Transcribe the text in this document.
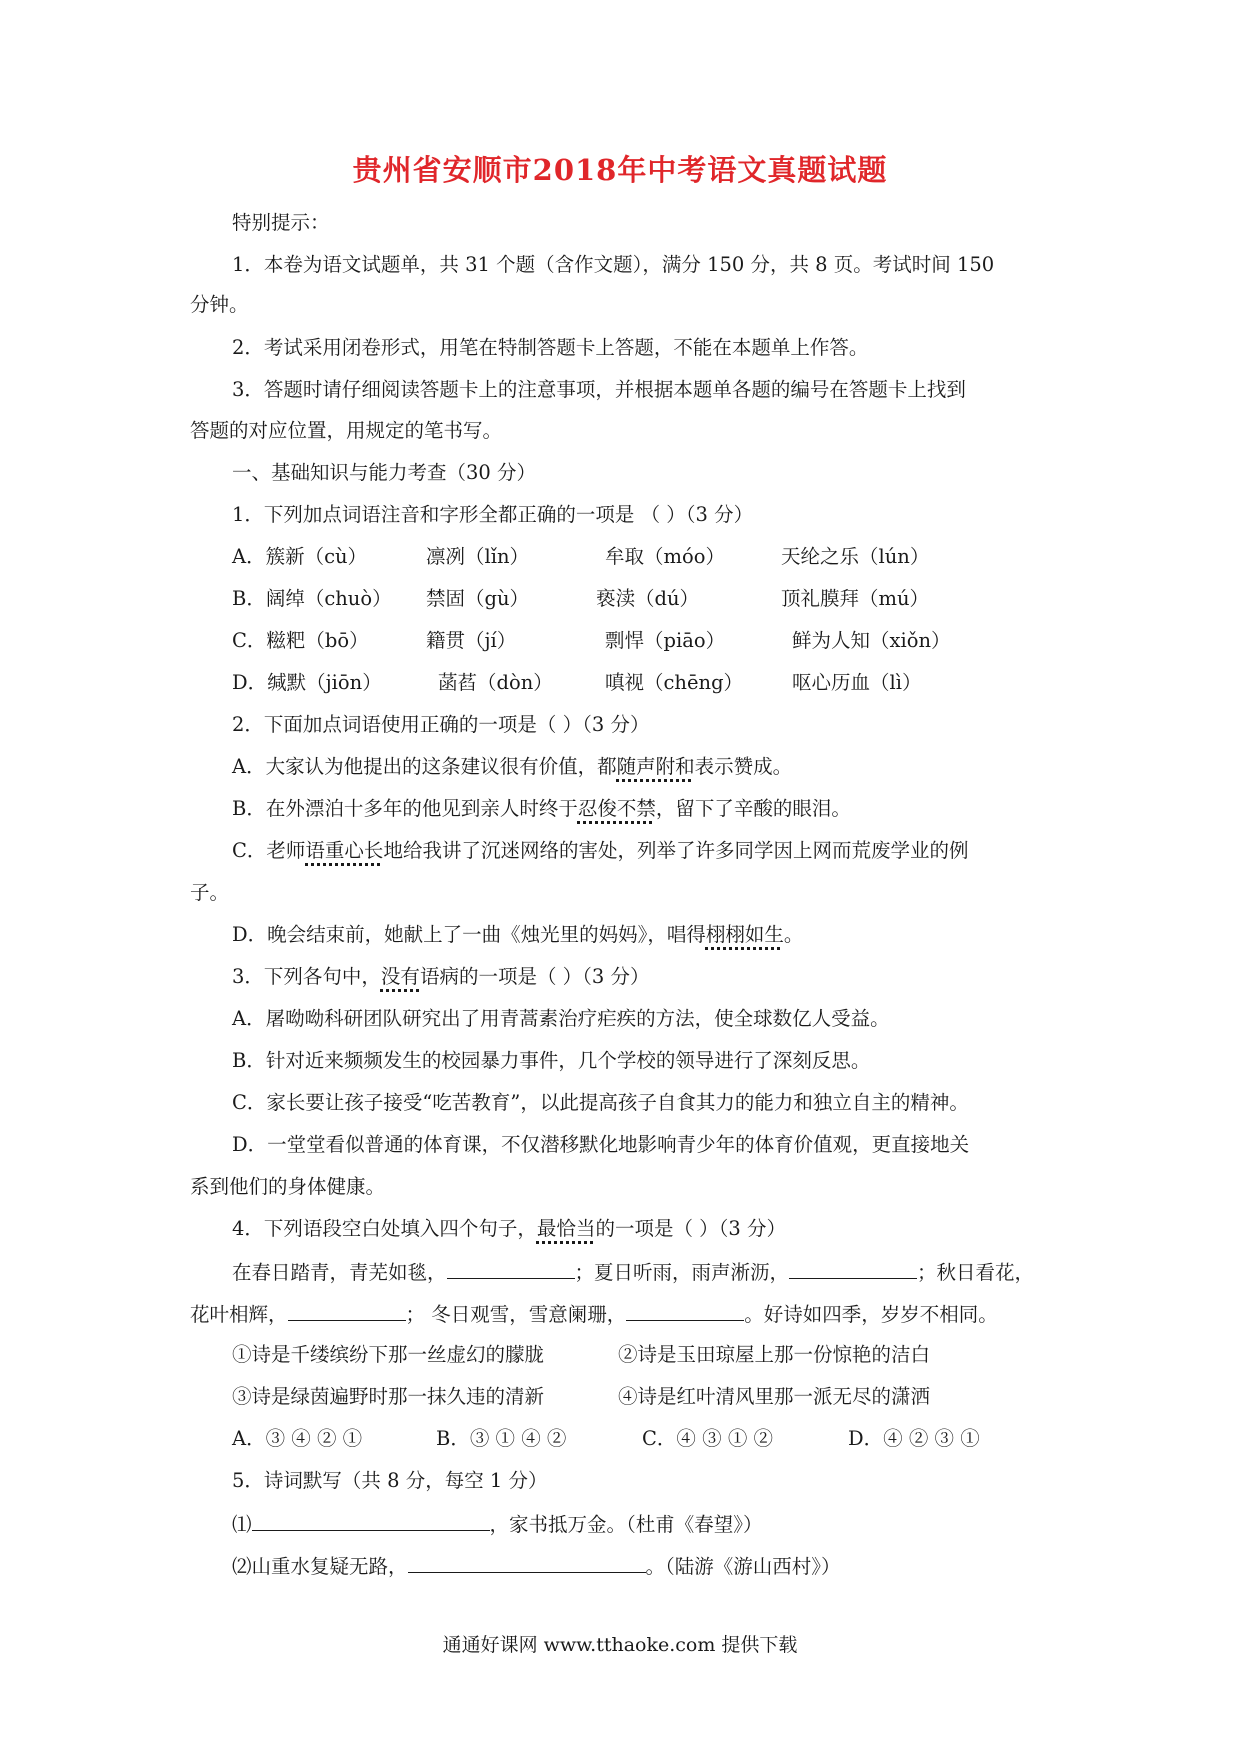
贵州省安顺市2018年中考语文真题试题
特别提示：
1．本卷为语文试题单，共 31 个题（含作文题），满分 150 分，共 8 页。考试时间 150
分钟。
2．考试采用闭卷形式，用笔在特制答题卡上答题，不能在本题单上作答。
3．答题时请仔细阅读答题卡上的注意事项，并根据本题单各题的编号在答题卡上找到
答题的对应位置，用规定的笔书写。
一、基础知识与能力考查（30 分）
1．下列加点词语注音和字形全都正确的一项是 （ ）（3 分）
A．簇新（cù）	凛冽（lǐn）	牟取（móo）	天纶之乐（lún）
B．阔绰（chuò） 禁固（gù）	亵渎（dú）	顶礼膜拜（mú）
C．糍粑（bō）	籍贯（jí）	剽悍（piāo）	鲜为人知（xiǒn）
D．缄默（jiōn）	菡萏（dòn）	嗔视（chēng）	呕心历血（lì）
2．下面加点词语使用正确的一项是（ ）（3 分）
A．大家认为他提出的这条建议很有价值，都随声附和表示赞成。
B．在外漂泊十多年的他见到亲人时终于忍俊不禁，留下了辛酸的眼泪。
C．老师语重心长地给我讲了沉迷网络的害处，列举了许多同学因上网而荒废学业的例
子。
D．晚会结束前，她献上了一曲《烛光里的妈妈》，唱得栩栩如生。
3．下列各句中，没有语病的一项是（ ）（3 分）
A．屠呦呦科研团队研究出了用青蒿素治疗疟疾的方法，使全球数亿人受益。
B．针对近来频频发生的校园暴力事件，几个学校的领导进行了深刻反思。
C．家长要让孩子接受“吃苦教育”，以此提高孩子自食其力的能力和独立自主的精神。
D．一堂堂看似普通的体育课，不仅潜移默化地影响青少年的体育价值观，更直接地关
系到他们的身体健康。
4．下列语段空白处填入四个句子，最恰当的一项是（ ）（3 分）
在春日踏青，青芜如毯，	；夏日听雨，雨声淅沥，	；秋日看花，
花叶相辉，	； 冬日观雪，雪意阑珊，	。好诗如四季，岁岁不相同。
①诗是千缕缤纷下那一丝虚幻的朦胧	②诗是玉田琼屋上那一份惊艳的洁白
③诗是绿茵遍野时那一抹久违的清新	④诗是红叶清风里那一派无尽的潇洒
A．③ ④ ② ①	B．③ ① ④ ②	C．④ ③ ① ②	D．④ ② ③ ①
5．诗词默写（共 8 分，每空 1 分）
⑴	，家书抵万金。（杜甫《春望》）
⑵山重水复疑无路，	。（陆游《游山西村》）
通通好课网 www.tthaoke.com 提供下载
